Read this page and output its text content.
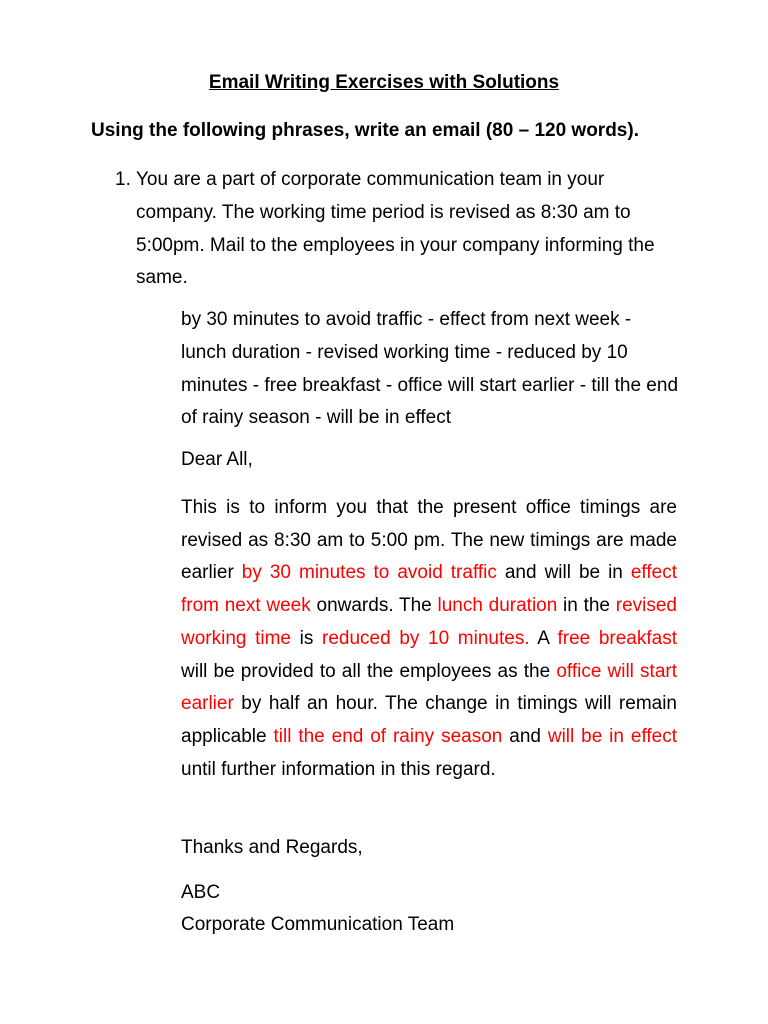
Email Writing Exercises with Solutions
Using the following phrases, write an email (80 – 120 words).
1. You are a part of corporate communication team in your company. The working time period is revised as 8:30 am to 5:00pm. Mail to the employees in your company informing the same.
by 30 minutes to avoid traffic - effect from next week - lunch duration - revised working time - reduced by 10 minutes - free breakfast - office will start earlier - till the end of rainy season - will be in effect
Dear All,
This is to inform you that the present office timings are revised as 8:30 am to 5:00 pm. The new timings are made earlier by 30 minutes to avoid traffic and will be in effect from next week onwards. The lunch duration in the revised working time is reduced by 10 minutes. A free breakfast will be provided to all the employees as the office will start earlier by half an hour. The change in timings will remain applicable till the end of rainy season and will be in effect until further information in this regard.
Thanks and Regards,
ABC
Corporate Communication Team
